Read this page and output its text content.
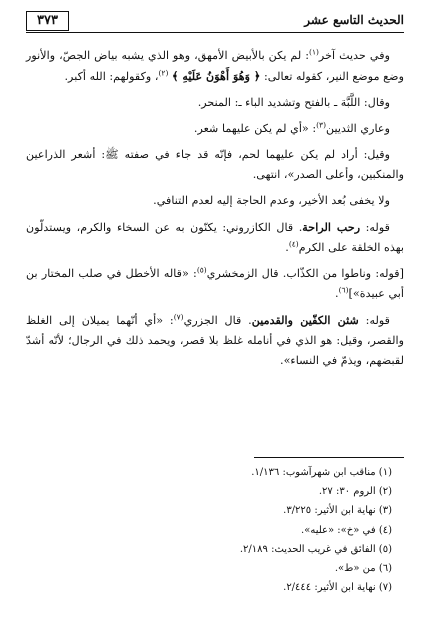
الحديث التاسع عشر
٣٧٣

وفي حديث آخر$^{(١)}$: لم يكن بالأبيض الأمهق، وهو الذي يشبه بياض الجصّ، والأنور وضع موضع النير، كقوله تعالى: ﴿ وَهُوَ أَهْوَنُ عَلَيْهِ ﴾ $^{(٢)}$، وكقولهم: الله أكبر.

وقال: اللَّبَّة ـ بالفتح وتشديد الباء ـ: المنحر.

وعاري الثديين$^{(٣)}$: «أي لم يكن عليهما شعر.

وقيل: أراد لم يكن عليهما لحم، فإنّه قد جاء في صفته ﷺ: أشعر الذراعين والمنكبين، وأعلى الصدر»، انتهى.

ولا يخفى بُعد الأخير، وعدم الحاجة إليه لعدم التنافي.

قوله: رحب الراحة. قال الكازروني: يكنّون به عن السخاء والكرم، ويستدلّون بهذه الخلقة على الكرم$^{(٤)}$.

[قوله: وناطوا من الكذّاب. قال الزمخشري$^{(٥)}$: «قاله الأخطل في صلب المختار بن أبي عبيدة»]$^{(٦)}$.

قوله: شثن الكفّين والقدمين. قال الجزري$^{(٧)}$: «أي أنّهما يميلان إلى الغلظ والقصر، وقيل: هو الذي في أنامله غلظ بلا قصر، ويحمد ذلك في الرجال؛ لأنّه أشدّ لقبضهم، ويذمّ في النساء».

(١) مناقب ابن شهرآشوب: ١/١٣٦.
(٢) الروم ٣٠: ٢٧.
(٣) نهاية ابن الأثير: ٣/٢٢٥.
(٤) في «خ»: «عليه».
(٥) الفائق في غريب الحديث: ٢/١٨٩.
(٦) من «ط».
(٧) نهاية ابن الأثير: ٢/٤٤٤.
